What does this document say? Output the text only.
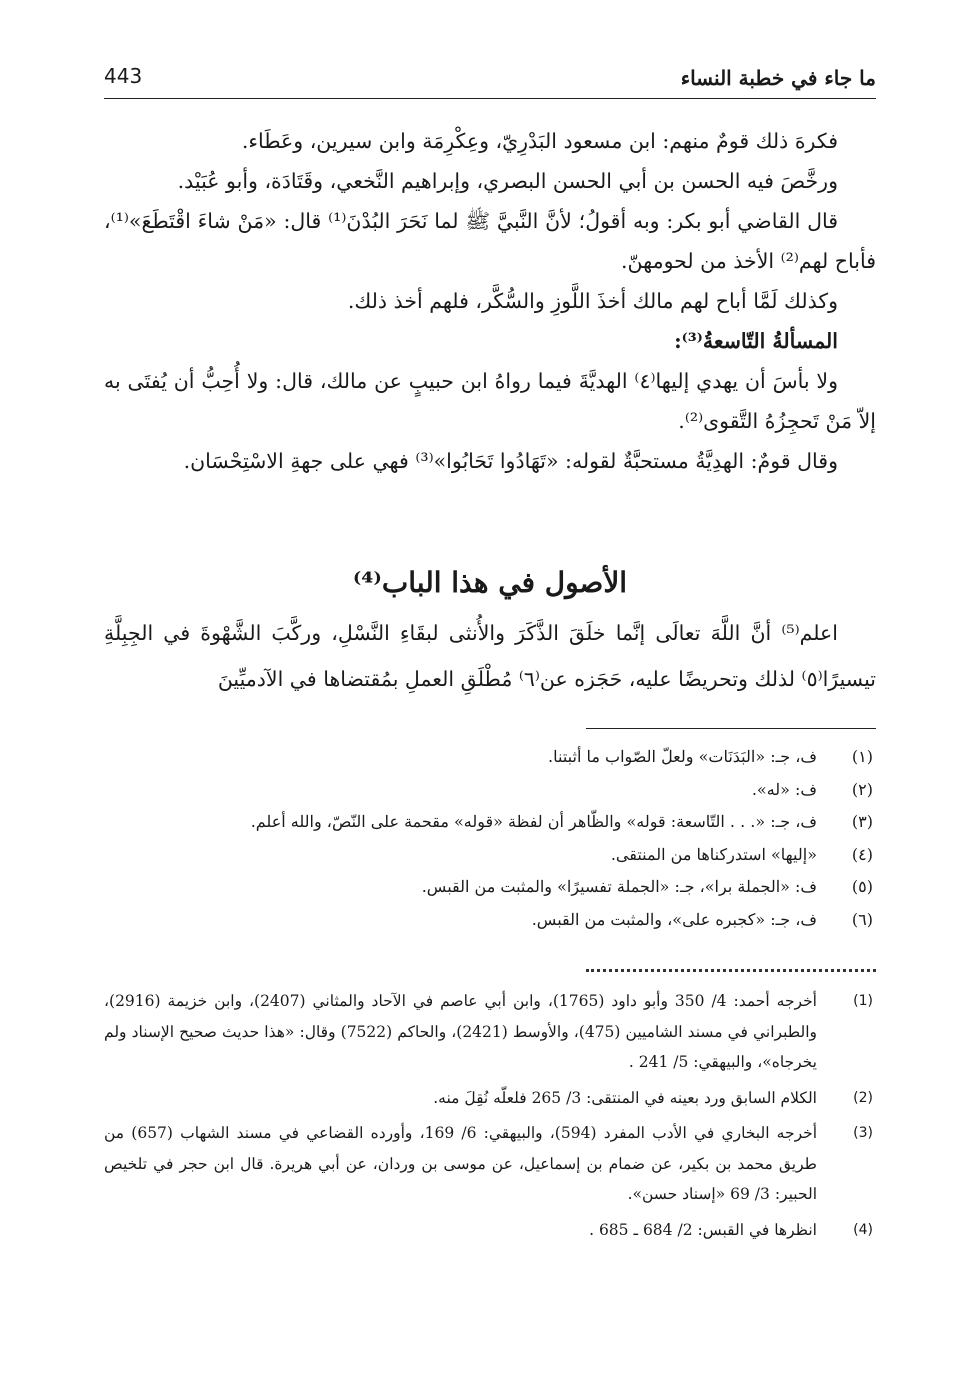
ما جاء في خطبة النساء
443
فكرهَ ذلك قومٌ منهم: ابن مسعود البَدْرِيّ، وعِكْرِمَة وابن سيرين، وعَطَاء.
ورخَّصَ فيه الحسن بن أبي الحسن البصري، وإبراهيم النَّخعي، وقَتَادَة، وأبو عُبَيْد.
قال القاضي أبو بكر: وبه أقولُ؛ لأنَّ النَّبيَّ ﷺ لما نَحَرَ البُدْنَ⁽¹⁾ قال: «مَنْ شاءَ اقْتَطَعَ»⁽¹⁾، فأباح لهم⁽²⁾ الأخذ من لحومهنّ.
وكذلك لَمَّا أباح لهم مالك أخذَ اللَّوزِ والسُّكَّر، فلهم أخذ ذلك.
المسألةُ التّاسعةُ⁽³⁾:
ولا بأسَ أن يهدي إليها⁽٤⁾ الهديَّةَ فيما رواهُ ابن حبيبٍ عن مالك، قال: ولا أُحِبُّ أن يُفتَى به إلاّ مَنْ تَحجِزُهُ التَّقوى⁽²⁾.
وقال قومٌ: الهدِيَّةُ مستحبَّةٌ لقوله: «تَهَادُوا تَحَابُوا»⁽³⁾ فهي على جهةِ الاسْتِحْسَان.
الأصول في هذا الباب⁽⁴⁾
اعلم⁽⁵⁾ أنَّ اللَّهَ تعالَى إنَّما خلَقَ الذَّكَرَ والأُنثى لبقَاءِ النَّسْلِ، وركَّبَ الشَّهْوةَ في الجِبِلَّةِ تيسيرًا⁽٥⁾ لذلك وتحريضًا عليه، حَجَزه عن⁽٦⁾ مُطْلَقِ العملِ بمُقتضاها في الآدميِّينَ
(١)
ف، جـ: «البَدَنَات» ولعلّ الصّواب ما أثبتنا.
(٢)
ف: «له».
(٣)
ف، جـ: «. . . التّاسعة: قوله» والظّاهر أن لفظة «قوله» مقحمة على النّصّ، والله أعلم.
(٤)
«إليها» استدركناها من المنتقى.
(٥)
ف: «الجملة برا»، جـ: «الجملة تفسيرًا» والمثبت من القبس.
(٦)
ف، جـ: «كجبره على»، والمثبت من القبس.
(1)
أخرجه أحمد: 4/ 350 وأبو داود (1765)، وابن أبي عاصم في الآحاد والمثاني (2407)، وابن خزيمة (2916)، والطبراني في مسند الشاميين (475)، والأوسط (2421)، والحاكم (7522) وقال: «هذا حديث صحيح الإسناد ولم يخرجاه»، والبيهقي: 5/ 241 .
(2)
الكلام السابق ورد بعينه في المنتقى: 3/ 265 فلعلّه نُقِلَ منه.
(3)
أخرجه البخاري في الأدب المفرد (594)، والبيهقي: 6/ 169، وأورده القضاعي في مسند الشهاب (657) من طريق محمد بن بكير، عن ضمام بن إسماعيل، عن موسى بن وردان، عن أبي هريرة. قال ابن حجر في تلخيص الحبير: 3/ 69 «إسناد حسن».
(4)
انظرها في القبس: 2/ 684 ـ 685 .
